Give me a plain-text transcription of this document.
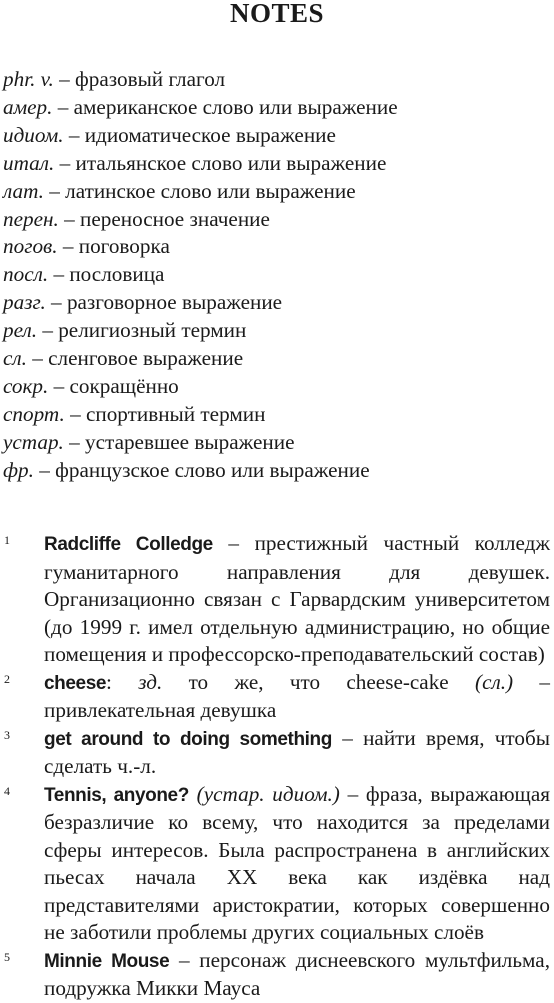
NOTES
phr. v. – фразовый глагол
амер. – американское слово или выражение
идиом. – идиоматическое выражение
итал. – итальянское слово или выражение
лат. – латинское слово или выражение
перен. – переносное значение
погов. – поговорка
посл. – пословица
разг. – разговорное выражение
рел. – религиозный термин
сл. – сленговое выражение
сокр. – сокращённо
спорт. – спортивный термин
устар. – устаревшее выражение
фр. – французское слово или выражение
1 Radcliffe Colledge – престижный частный колледж гуманитарного направления для девушек. Организационно связан с Гарвардским университетом (до 1999 г. имел отдельную администрацию, но общие помещения и профессорско-преподавательский состав)
2 cheese: зд. то же, что cheese-cake (сл.) – привлекательная девушка
3 get around to doing something – найти время, чтобы сделать ч.-л.
4 Tennis, anyone? (устар. идиом.) – фраза, выражающая безразличие ко всему, что находится за пределами сферы интересов. Была распространена в английских пьесах начала XX века как издёвка над представителями аристократии, которых совершенно не заботили проблемы других социальных слоёв
5 Minnie Mouse – персонаж диснеевского мультфильма, подружка Микки Мауса
